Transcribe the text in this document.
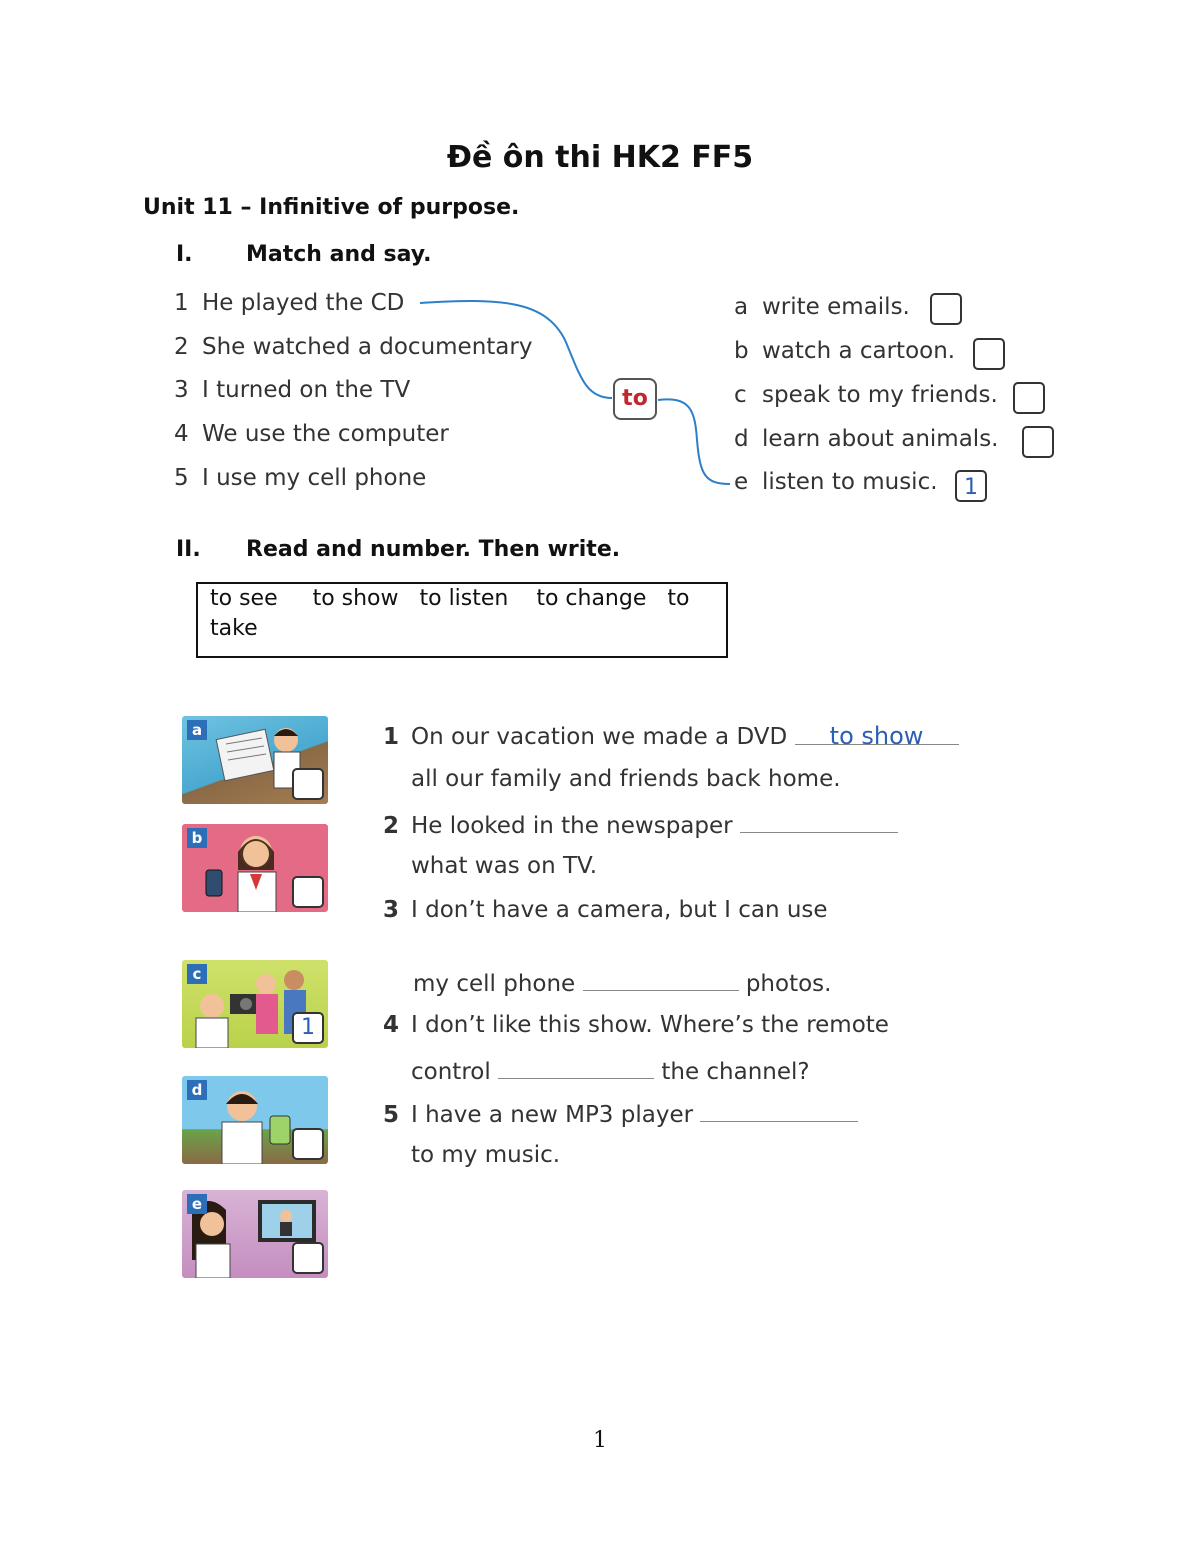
Đề ôn thi HK2 FF5
Unit 11 – Infinitive of purpose.
I. Match and say.
1 He played the CD
2 She watched a documentary
3 I turned on the TV
4 We use the computer
5 I use my cell phone
to
a write emails.
b watch a cartoon.
c speak to my friends.
d learn about animals.
e listen to music.	1
II. Read and number. Then write.
to see     to show   to listen    to change   to
take
a
b
c
1
d
e
1 On our vacation we made a DVD to show
all our family and friends back home.
2 He looked in the newspaper
what was on TV.
3 I don’t have a camera, but I can use
my cell phone	photos.
4 I don’t like this show. Where’s the remote
control	the channel?
5 I have a new MP3 player
to my music.
1
